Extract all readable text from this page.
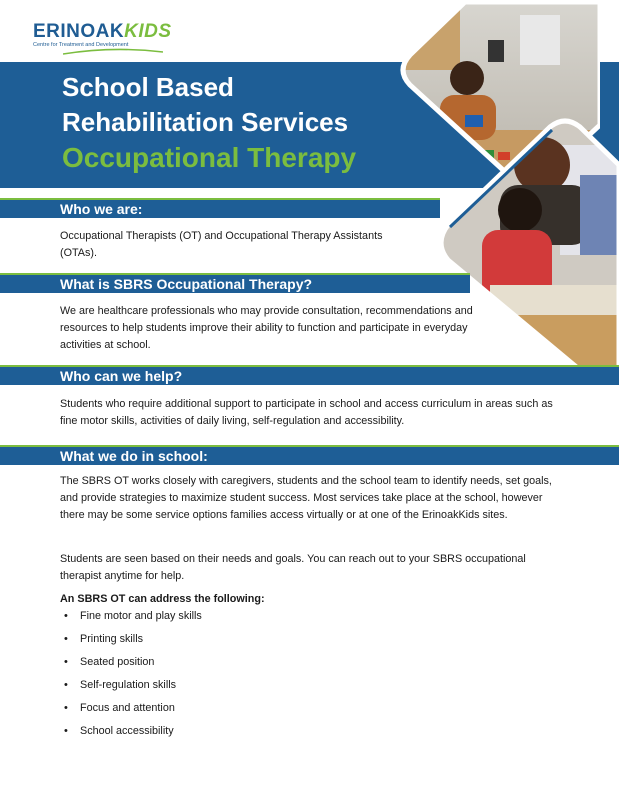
ERINOAKKIDS
Centre for Treatment and Development
School Based
Rehabilitation Services
Occupational Therapy
Who we are:

Occupational Therapists (OT) and Occupational Therapy Assistants (OTAs).

What is SBRS Occupational Therapy?

We are healthcare professionals who may provide consultation, recommendations and resources to help students improve their ability to function and participate in everyday activities at school.

Who can we help?

Students who require additional support to participate in school and access curriculum in areas such as fine motor skills, activities of daily living, self-regulation and accessibility.

What we do in school:

The SBRS OT works closely with caregivers, students and the school team to identify needs, set goals, and provide strategies to maximize student success. Most services take place at the school, however there may be some service options families access virtually or at one of the ErinoakKids sites.

Students are seen based on their needs and goals. You can reach out to your SBRS occupational therapist anytime for help.

An SBRS OT can address the following:

• Fine motor and play skills
• Printing skills
• Seated position
• Self-regulation skills
• Focus and attention
• School accessibility
